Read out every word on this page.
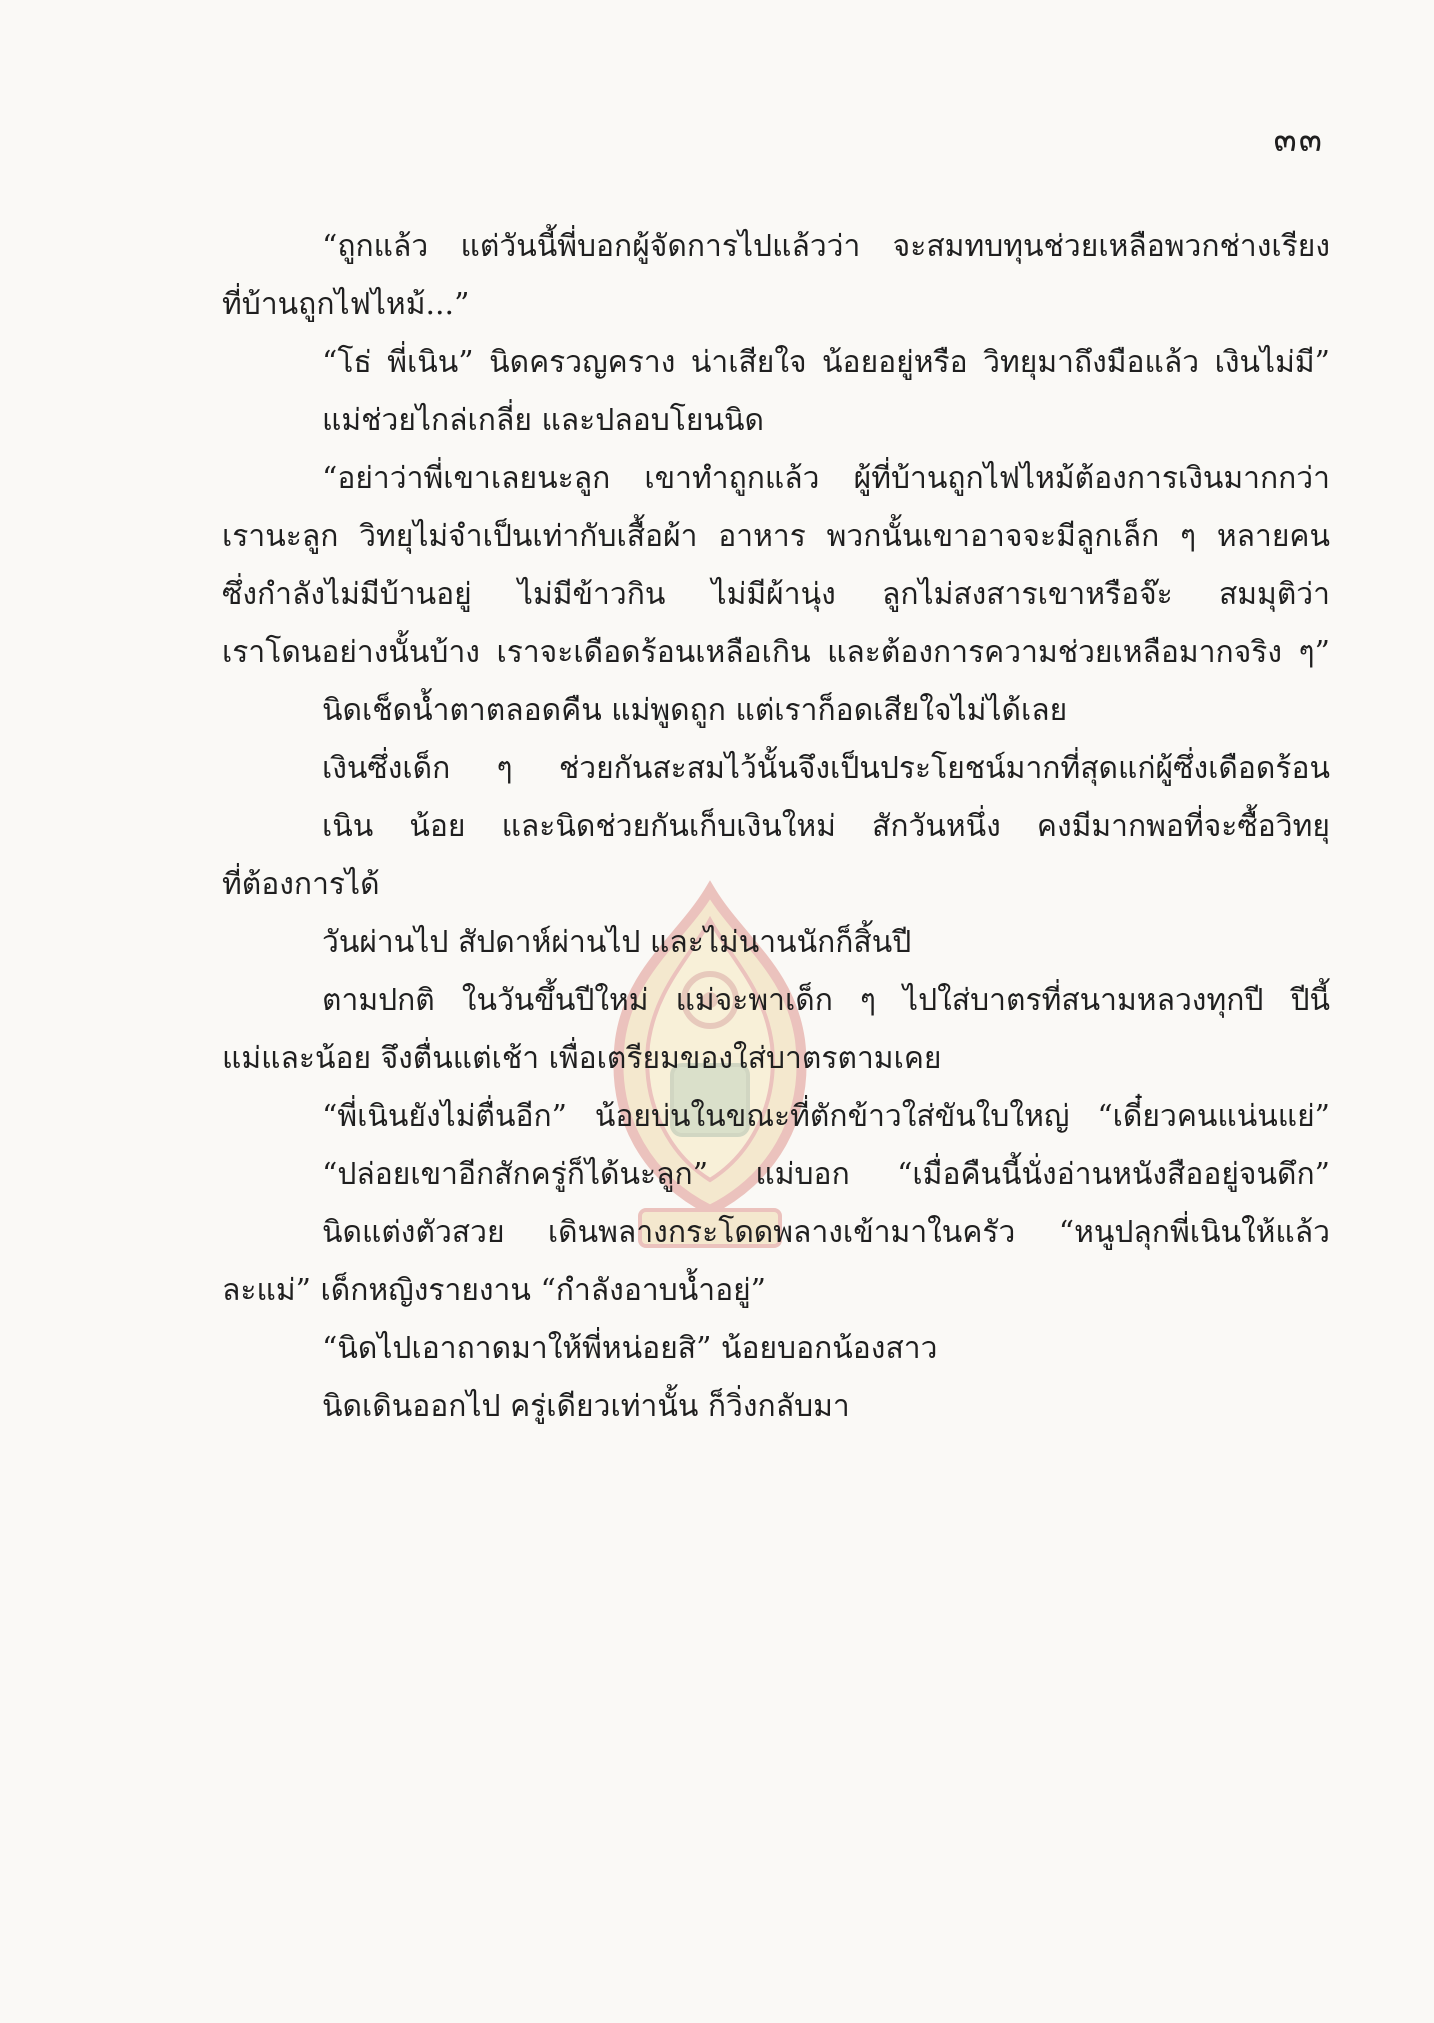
๓๓
“ถูกแล้ว แต่วันนี้พี่บอกผู้จัดการไปแล้วว่า จะสมทบทุนช่วยเหลือพวกช่างเรียง
ที่บ้านถูกไฟไหม้...”
“โธ่ พี่เนิน” นิดครวญคราง น่าเสียใจ น้อยอยู่หรือ วิทยุมาถึงมือแล้ว เงินไม่มี”
แม่ช่วยไกล่เกลี่ย และปลอบโยนนิด
“อย่าว่าพี่เขาเลยนะลูก เขาทำถูกแล้ว ผู้ที่บ้านถูกไฟไหม้ต้องการเงินมากกว่า
เรานะลูก วิทยุไม่จำเป็นเท่ากับเสื้อผ้า อาหาร พวกนั้นเขาอาจจะมีลูกเล็ก ๆ หลายคน
ซึ่งกำลังไม่มีบ้านอยู่ ไม่มีข้าวกิน ไม่มีผ้านุ่ง ลูกไม่สงสารเขาหรือจ๊ะ สมมุติว่า
เราโดนอย่างนั้นบ้าง เราจะเดือดร้อนเหลือเกิน และต้องการความช่วยเหลือมากจริง ๆ”
นิดเช็ดน้ำตาตลอดคืน แม่พูดถูก แต่เราก็อดเสียใจไม่ได้เลย
เงินซึ่งเด็ก ๆ ช่วยกันสะสมไว้นั้นจึงเป็นประโยชน์มากที่สุดแก่ผู้ซึ่งเดือดร้อน
เนิน น้อย และนิดช่วยกันเก็บเงินใหม่ สักวันหนึ่ง คงมีมากพอที่จะซื้อวิทยุ
ที่ต้องการได้
วันผ่านไป สัปดาห์ผ่านไป และไม่นานนักก็สิ้นปี
ตามปกติ ในวันขึ้นปีใหม่ แม่จะพาเด็ก ๆ ไปใส่บาตรที่สนามหลวงทุกปี ปีนี้
แม่และน้อย จึงตื่นแต่เช้า เพื่อเตรียมของใส่บาตรตามเคย
“พี่เนินยังไม่ตื่นอีก” น้อยบ่นในขณะที่ตักข้าวใส่ขันใบใหญ่ “เดี๋ยวคนแน่นแย่”
“ปล่อยเขาอีกสักครู่ก็ได้นะลูก” แม่บอก “เมื่อคืนนี้นั่งอ่านหนังสืออยู่จนดึก”
นิดแต่งตัวสวย เดินพลางกระโดดพลางเข้ามาในครัว “หนูปลุกพี่เนินให้แล้ว
ละแม่” เด็กหญิงรายงาน “กำลังอาบน้ำอยู่”
“นิดไปเอาถาดมาให้พี่หน่อยสิ” น้อยบอกน้องสาว
นิดเดินออกไป ครู่เดียวเท่านั้น ก็วิ่งกลับมา
